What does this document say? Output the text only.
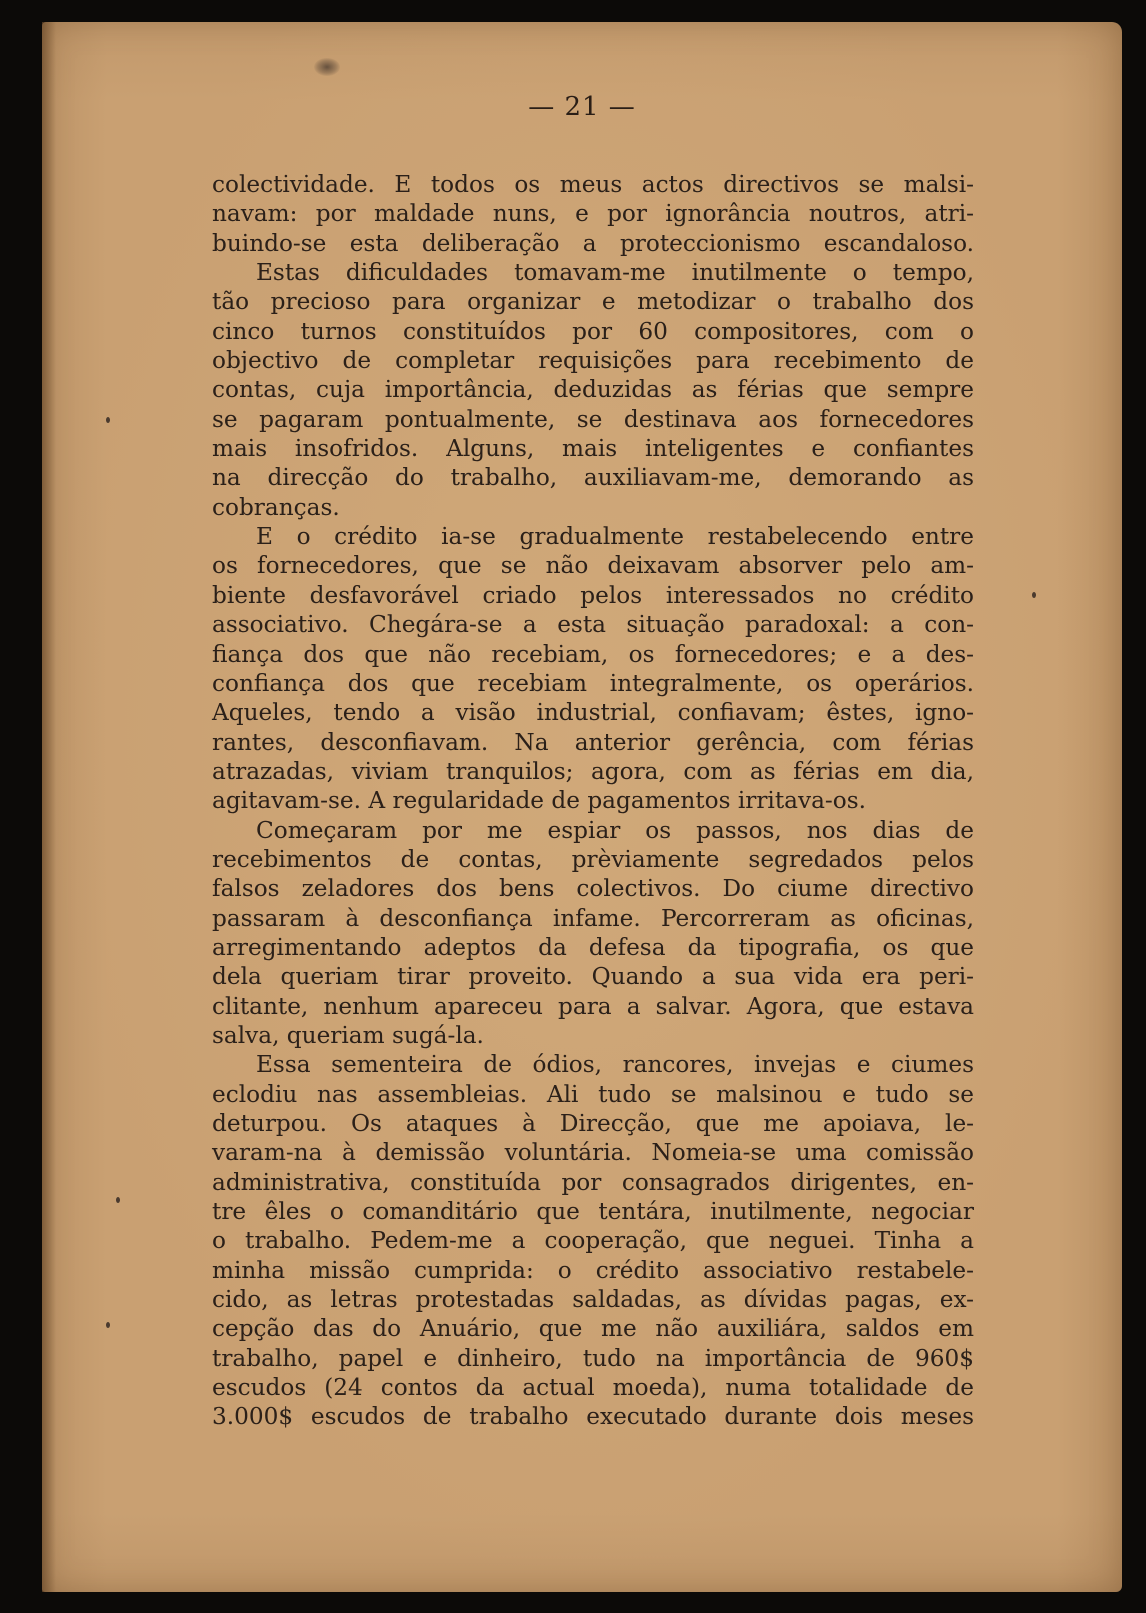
— 21 —
colectividade. E todos os meus actos directivos se malsi-
navam: por maldade nuns, e por ignorância noutros, atri-
buindo-se esta deliberação a proteccionismo escandaloso.
Estas dificuldades tomavam-me inutilmente o tempo,
tão precioso para organizar e metodizar o trabalho dos
cinco turnos constituídos por 60 compositores, com o
objectivo de completar requisições para recebimento de
contas, cuja importância, deduzidas as férias que sempre
se pagaram pontualmente, se destinava aos fornecedores
mais insofridos. Alguns, mais inteligentes e confiantes
na direcção do trabalho, auxiliavam-me, demorando as
cobranças.
E o crédito ia-se gradualmente restabelecendo entre
os fornecedores, que se não deixavam absorver pelo am-
biente desfavorável criado pelos interessados no crédito
associativo. Chegára-se a esta situação paradoxal: a con-
fiança dos que não recebiam, os fornecedores; e a des-
confiança dos que recebiam integralmente, os operários.
Aqueles, tendo a visão industrial, confiavam; êstes, igno-
rantes, desconfiavam. Na anterior gerência, com férias
atrazadas, viviam tranquilos; agora, com as férias em dia,
agitavam-se. A regularidade de pagamentos irritava-os.
Começaram por me espiar os passos, nos dias de
recebimentos de contas, prèviamente segredados pelos
falsos zeladores dos bens colectivos. Do ciume directivo
passaram à desconfiança infame. Percorreram as oficinas,
arregimentando adeptos da defesa da tipografia, os que
dela queriam tirar proveito. Quando a sua vida era peri-
clitante, nenhum apareceu para a salvar. Agora, que estava
salva, queriam sugá-la.
Essa sementeira de ódios, rancores, invejas e ciumes
eclodiu nas assembleias. Ali tudo se malsinou e tudo se
deturpou. Os ataques à Direcção, que me apoiava, le-
varam-na à demissão voluntária. Nomeia-se uma comissão
administrativa, constituída por consagrados dirigentes, en-
tre êles o comanditário que tentára, inutilmente, negociar
o trabalho. Pedem-me a cooperação, que neguei. Tinha a
minha missão cumprida: o crédito associativo restabele-
cido, as letras protestadas saldadas, as dívidas pagas, ex-
cepção das do Anuário, que me não auxiliára, saldos em
trabalho, papel e dinheiro, tudo na importância de 960$
escudos (24 contos da actual moeda), numa totalidade de
3.000$ escudos de trabalho executado durante dois meses
